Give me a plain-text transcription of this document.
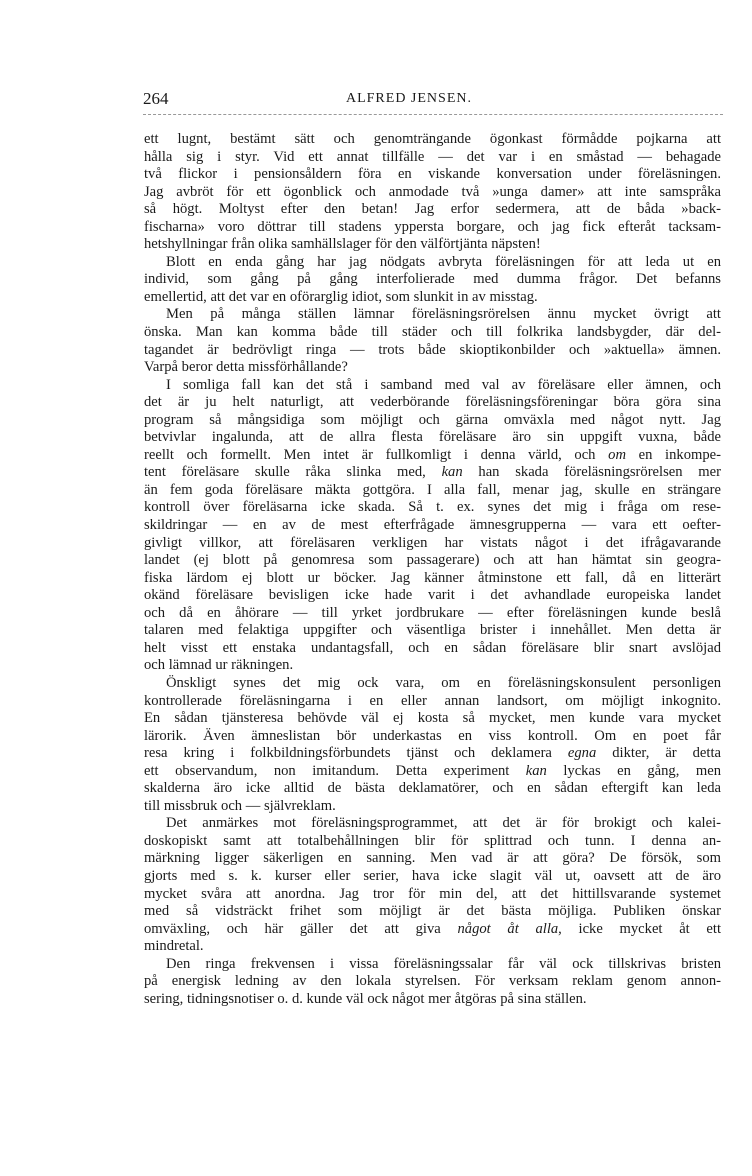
264	ALFRED JENSEN.
ett lugnt, bestämt sätt och genomträngande ögonkast förmådde pojkarna att
hålla sig i styr. Vid ett annat tillfälle — det var i en småstad — behagade
två flickor i pensionsåldern föra en viskande konversation under föreläsningen.
Jag avbröt för ett ögonblick och anmodade två »unga damer» att inte samspråka
så högt. Moltyst efter den betan! Jag erfor sedermera, att de båda »back-
fischarna» voro döttrar till stadens yppersta borgare, och jag fick efteråt tacksam-
hetshyllningar från olika samhällslager för den välförtjänta näpsten!
Blott en enda gång har jag nödgats avbryta föreläsningen för att leda ut en
individ, som gång på gång interfolierade med dumma frågor. Det befanns
emellertid, att det var en oförarglig idiot, som slunkit in av misstag.
Men på många ställen lämnar föreläsningsrörelsen ännu mycket övrigt att
önska. Man kan komma både till städer och till folkrika landsbygder, där del-
tagandet är bedrövligt ringa — trots både skioptikonbilder och »aktuella» ämnen.
Varpå beror detta missförhållande?
I somliga fall kan det stå i samband med val av föreläsare eller ämnen, och
det är ju helt naturligt, att vederbörande föreläsningsföreningar böra göra sina
program så mångsidiga som möjligt och gärna omväxla med något nytt. Jag
betvivlar ingalunda, att de allra flesta föreläsare äro sin uppgift vuxna, både
reellt och formellt. Men intet är fullkomligt i denna värld, och om en inkompe-
tent föreläsare skulle råka slinka med, kan han skada föreläsningsrörelsen mer
än fem goda föreläsare mäkta gottgöra. I alla fall, menar jag, skulle en strängare
kontroll över föreläsarna icke skada. Så t. ex. synes det mig i fråga om rese-
skildringar — en av de mest efterfrågade ämnesgrupperna — vara ett oefter-
givligt villkor, att föreläsaren verkligen har vistats något i det ifrågavarande
landet (ej blott på genomresa som passagerare) och att han hämtat sin geogra-
fiska lärdom ej blott ur böcker. Jag känner åtminstone ett fall, då en litterärt
okänd föreläsare bevisligen icke hade varit i det avhandlade europeiska landet
och då en åhörare — till yrket jordbrukare — efter föreläsningen kunde beslå
talaren med felaktiga uppgifter och väsentliga brister i innehållet. Men detta är
helt visst ett enstaka undantagsfall, och en sådan föreläsare blir snart avslöjad
och lämnad ur räkningen.
Önskligt synes det mig ock vara, om en föreläsningskonsulent personligen
kontrollerade föreläsningarna i en eller annan landsort, om möjligt inkognito.
En sådan tjänsteresa behövde väl ej kosta så mycket, men kunde vara mycket
lärorik. Även ämneslistan bör underkastas en viss kontroll. Om en poet får
resa kring i folkbildningsförbundets tjänst och deklamera egna dikter, är detta
ett observandum, non imitandum. Detta experiment kan lyckas en gång, men
skalderna äro icke alltid de bästa deklamatörer, och en sådan eftergift kan leda
till missbruk och — självreklam.
Det anmärkes mot föreläsningsprogrammet, att det är för brokigt och kalei-
doskopiskt samt att totalbehållningen blir för splittrad och tunn. I denna an-
märkning ligger säkerligen en sanning. Men vad är att göra? De försök, som
gjorts med s. k. kurser eller serier, hava icke slagit väl ut, oavsett att de äro
mycket svåra att anordna. Jag tror för min del, att det hittillsvarande systemet
med så vidsträckt frihet som möjligt är det bästa möjliga. Publiken önskar
omväxling, och här gäller det att giva något åt alla, icke mycket åt ett
mindretal.
Den ringa frekvensen i vissa föreläsningssalar får väl ock tillskrivas bristen
på energisk ledning av den lokala styrelsen. För verksam reklam genom annon-
sering, tidningsnotiser o. d. kunde väl ock något mer åtgöras på sina ställen.
